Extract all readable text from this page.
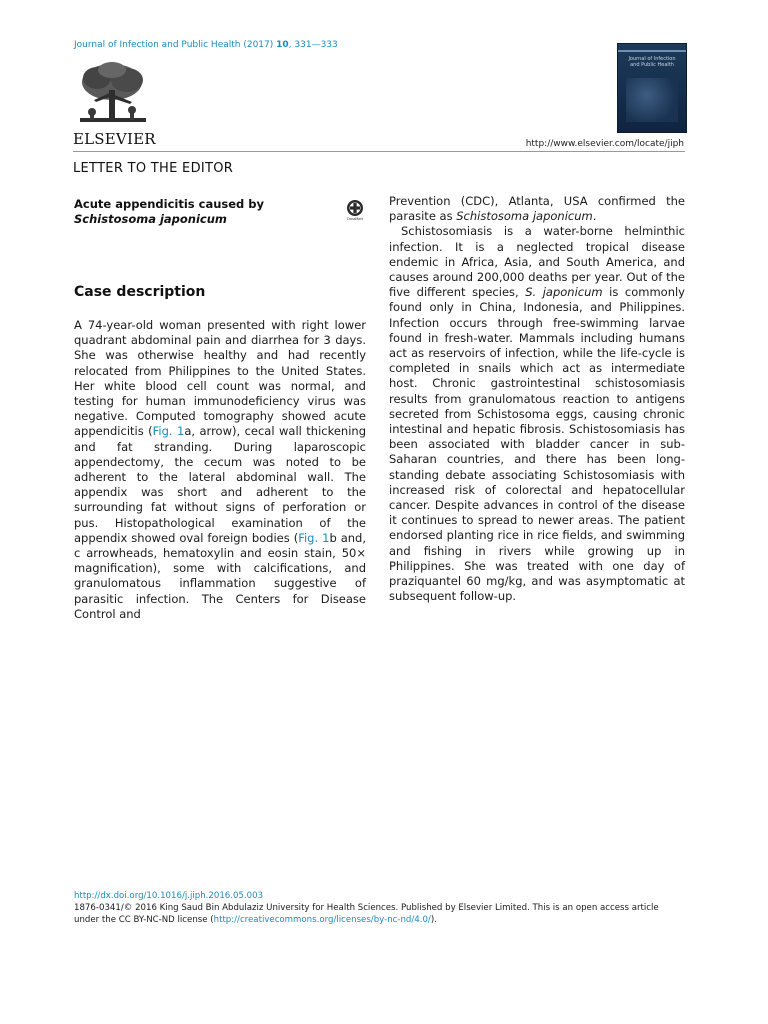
Journal of Infection and Public Health (2017) 10, 331—333
ELSEVIER
Journal of Infection and Public Health
http://www.elsevier.com/locate/jiph
LETTER TO THE EDITOR
Acute appendicitis caused by Schistosoma japonicum	CrossMark
Case description

A 74-year-old woman presented with right lower quadrant abdominal pain and diarrhea for 3 days. She was otherwise healthy and had recently relocated from Philippines to the United States. Her white blood cell count was normal, and testing for human immunodeficiency virus was negative. Computed tomography showed acute appendicitis (Fig. 1a, arrow), cecal wall thickening and fat stranding. During laparoscopic appendectomy, the cecum was noted to be adherent to the lateral abdominal wall. The appendix was short and adherent to the surrounding fat without signs of perforation or pus. Histopathological examination of the appendix showed oval foreign bodies (Fig. 1b and, c arrowheads, hematoxylin and eosin stain, 50× magnification), some with calcifications, and granulomatous inflammation suggestive of parasitic infection. The Centers for Disease Control and

Prevention (CDC), Atlanta, USA confirmed the parasite as Schistosoma japonicum.

Schistosomiasis is a water-borne helminthic infection. It is a neglected tropical disease endemic in Africa, Asia, and South America, and causes around 200,000 deaths per year. Out of the five different species, S. japonicum is commonly found only in China, Indonesia, and Philippines. Infection occurs through free-swimming larvae found in fresh-water. Mammals including humans act as reservoirs of infection, while the life-cycle is completed in snails which act as intermediate host. Chronic gastrointestinal schistosomiasis results from granulomatous reaction to antigens secreted from Schistosoma eggs, causing chronic intestinal and hepatic fibrosis. Schistosomiasis has been associated with bladder cancer in sub-Saharan countries, and there has been long-standing debate associating Schistosomiasis with increased risk of colorectal and hepatocellular cancer. Despite advances in control of the disease it continues to spread to newer areas. The patient endorsed planting rice in rice fields, and swimming and fishing in rivers while growing up in Philippines. She was treated with one day of praziquantel 60 mg/kg, and was asymptomatic at subsequent follow-up.

http://dx.doi.org/10.1016/j.jiph.2016.05.003
1876-0341/© 2016 King Saud Bin Abdulaziz University for Health Sciences. Published by Elsevier Limited. This is an open access article under the CC BY-NC-ND license (http://creativecommons.org/licenses/by-nc-nd/4.0/).
